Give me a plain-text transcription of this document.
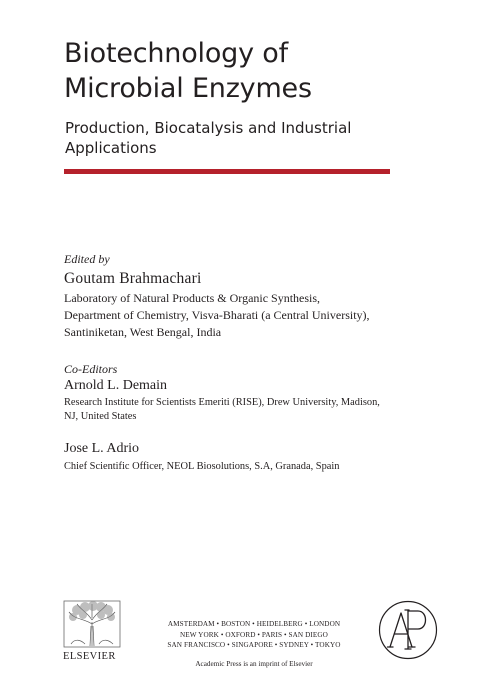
Biotechnology of
Microbial Enzymes
Production, Biocatalysis and Industrial
Applications
Edited by
Goutam Brahmachari
Laboratory of Natural Products & Organic Synthesis,
Department of Chemistry, Visva-Bharati (a Central University),
Santiniketan, West Bengal, India
Co-Editors
Arnold L. Demain
Research Institute for Scientists Emeriti (RISE), Drew University, Madison,
NJ, United States
Jose L. Adrio
Chief Scientific Officer, NEOL Biosolutions, S.A, Granada, Spain
ELSEVIER
AMSTERDAM • BOSTON • HEIDELBERG • LONDON
NEW YORK • OXFORD • PARIS • SAN DIEGO
SAN FRANCISCO • SINGAPORE • SYDNEY • TOKYO
Academic Press is an imprint of Elsevier
